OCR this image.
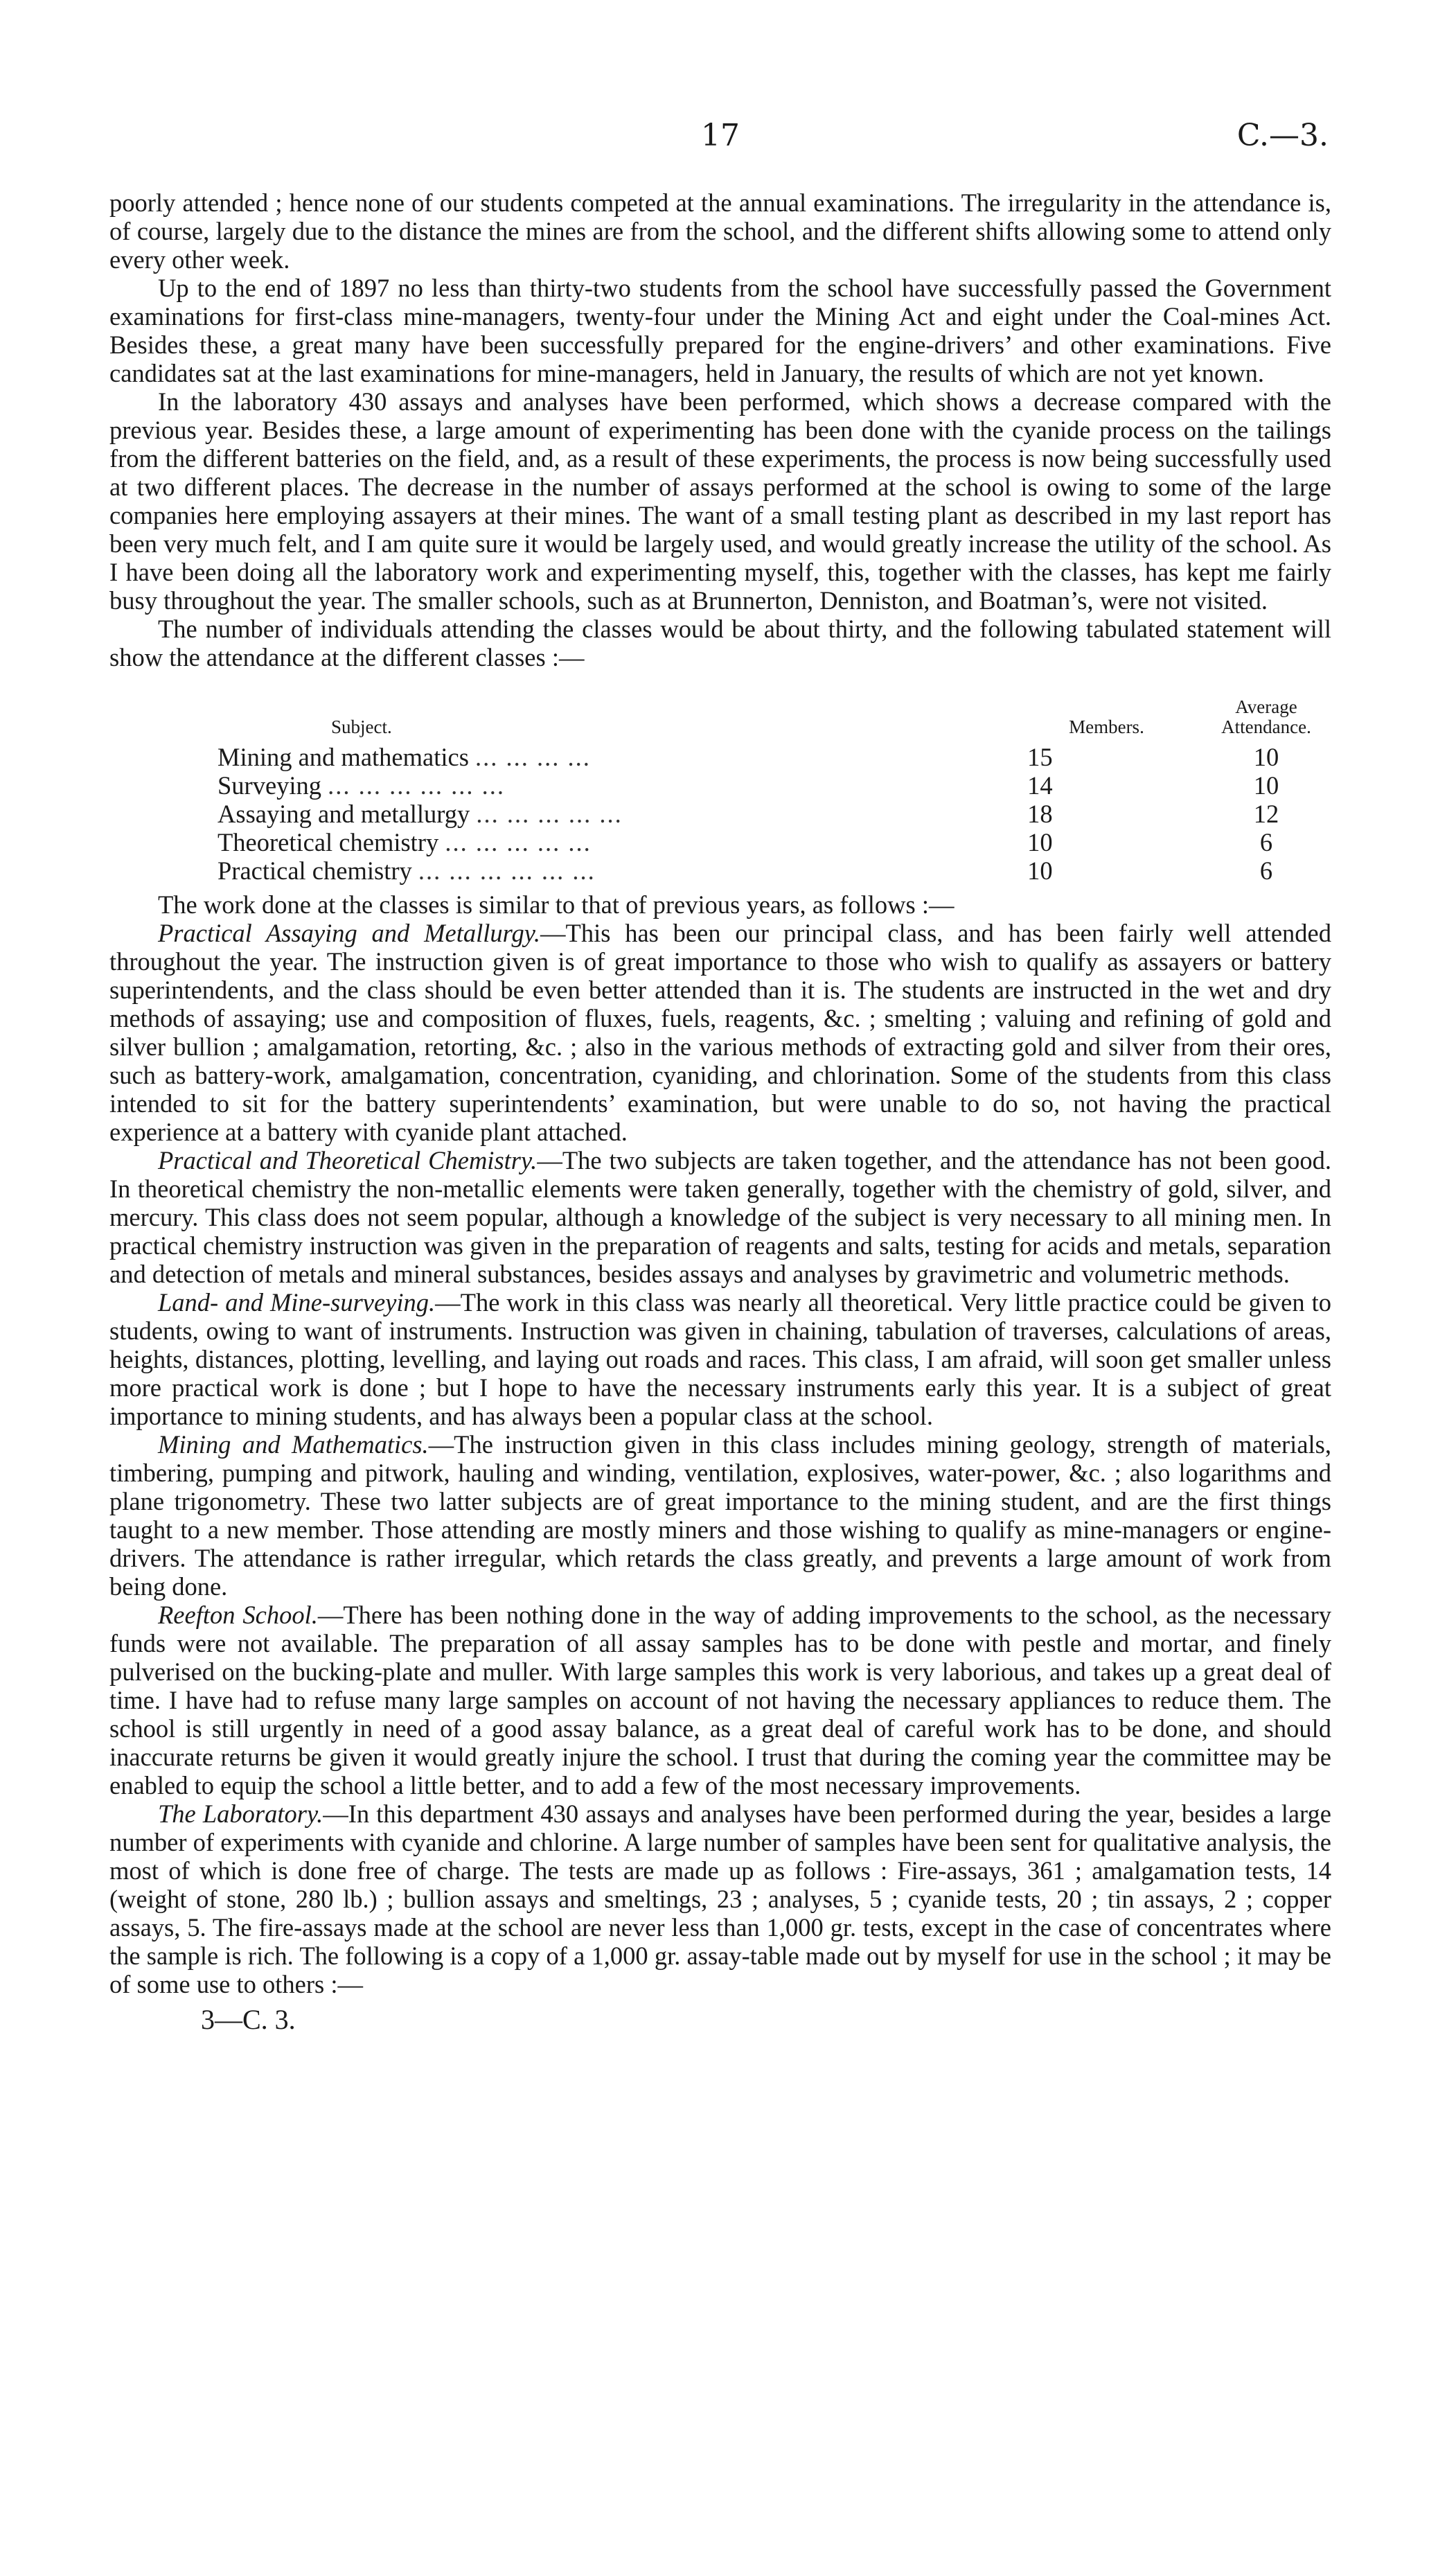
17	C.—3.

poorly attended ; hence none of our students competed at the annual examinations. The irregularity in the attendance is, of course, largely due to the distance the mines are from the school, and the different shifts allowing some to attend only every other week.

Up to the end of 1897 no less than thirty-two students from the school have successfully passed the Government examinations for first-class mine-managers, twenty-four under the Mining Act and eight under the Coal-mines Act. Besides these, a great many have been successfully prepared for the engine-drivers’ and other examinations. Five candidates sat at the last examinations for mine-managers, held in January, the results of which are not yet known.

In the laboratory 430 assays and analyses have been performed, which shows a decrease compared with the previous year. Besides these, a large amount of experimenting has been done with the cyanide process on the tailings from the different batteries on the field, and, as a result of these experiments, the process is now being successfully used at two different places. The decrease in the number of assays performed at the school is owing to some of the large companies here employing assayers at their mines. The want of a small testing plant as described in my last report has been very much felt, and I am quite sure it would be largely used, and would greatly increase the utility of the school. As I have been doing all the laboratory work and experimenting myself, this, together with the classes, has kept me fairly busy throughout the year. The smaller schools, such as at Brunnerton, Denniston, and Boatman’s, were not visited.

The number of individuals attending the classes would be about thirty, and the following tabulated statement will show the attendance at the different classes :—

Subject.	Members.	Average
Attendance.
Mining and mathematics ... ... ... ...	15	10
Surveying ... ... ... ... ... ...	14	10
Assaying and metallurgy ... ... ... ... ...	18	12
Theoretical chemistry ... ... ... ... ...	10	6
Practical chemistry ... ... ... ... ... ...	10	6

The work done at the classes is similar to that of previous years, as follows :—

Practical Assaying and Metallurgy.—This has been our principal class, and has been fairly well attended throughout the year. The instruction given is of great importance to those who wish to qualify as assayers or battery superintendents, and the class should be even better attended than it is. The students are instructed in the wet and dry methods of assaying; use and composition of fluxes, fuels, reagents, &c. ; smelting ; valuing and refining of gold and silver bullion ; amalgamation, retorting, &c. ; also in the various methods of extracting gold and silver from their ores, such as battery-work, amalgamation, concentration, cyaniding, and chlorination. Some of the students from this class intended to sit for the battery superintendents’ examination, but were unable to do so, not having the practical experience at a battery with cyanide plant attached.

Practical and Theoretical Chemistry.—The two subjects are taken together, and the attendance has not been good. In theoretical chemistry the non-metallic elements were taken generally, together with the chemistry of gold, silver, and mercury. This class does not seem popular, although a knowledge of the subject is very necessary to all mining men. In practical chemistry instruction was given in the preparation of reagents and salts, testing for acids and metals, separation and detection of metals and mineral substances, besides assays and analyses by gravimetric and volumetric methods.

Land- and Mine-surveying.—The work in this class was nearly all theoretical. Very little practice could be given to students, owing to want of instruments. Instruction was given in chaining, tabulation of traverses, calculations of areas, heights, distances, plotting, levelling, and laying out roads and races. This class, I am afraid, will soon get smaller unless more practical work is done ; but I hope to have the necessary instruments early this year. It is a subject of great importance to mining students, and has always been a popular class at the school.

Mining and Mathematics.—The instruction given in this class includes mining geology, strength of materials, timbering, pumping and pitwork, hauling and winding, ventilation, explosives, water-power, &c. ; also logarithms and plane trigonometry. These two latter subjects are of great importance to the mining student, and are the first things taught to a new member. Those attending are mostly miners and those wishing to qualify as mine-managers or engine-drivers. The attendance is rather irregular, which retards the class greatly, and prevents a large amount of work from being done.

Reefton School.—There has been nothing done in the way of adding improvements to the school, as the necessary funds were not available. The preparation of all assay samples has to be done with pestle and mortar, and finely pulverised on the bucking-plate and muller. With large samples this work is very laborious, and takes up a great deal of time. I have had to refuse many large samples on account of not having the necessary appliances to reduce them. The school is still urgently in need of a good assay balance, as a great deal of careful work has to be done, and should inaccurate returns be given it would greatly injure the school. I trust that during the coming year the committee may be enabled to equip the school a little better, and to add a few of the most necessary improvements.

The Laboratory.—In this department 430 assays and analyses have been performed during the year, besides a large number of experiments with cyanide and chlorine. A large number of samples have been sent for qualitative analysis, the most of which is done free of charge. The tests are made up as follows : Fire-assays, 361 ; amalgamation tests, 14 (weight of stone, 280 lb.) ; bullion assays and smeltings, 23 ; analyses, 5 ; cyanide tests, 20 ; tin assays, 2 ; copper assays, 5. The fire-assays made at the school are never less than 1,000 gr. tests, except in the case of concentrates where the sample is rich. The following is a copy of a 1,000 gr. assay-table made out by myself for use in the school ; it may be of some use to others :—

3—C. 3.
